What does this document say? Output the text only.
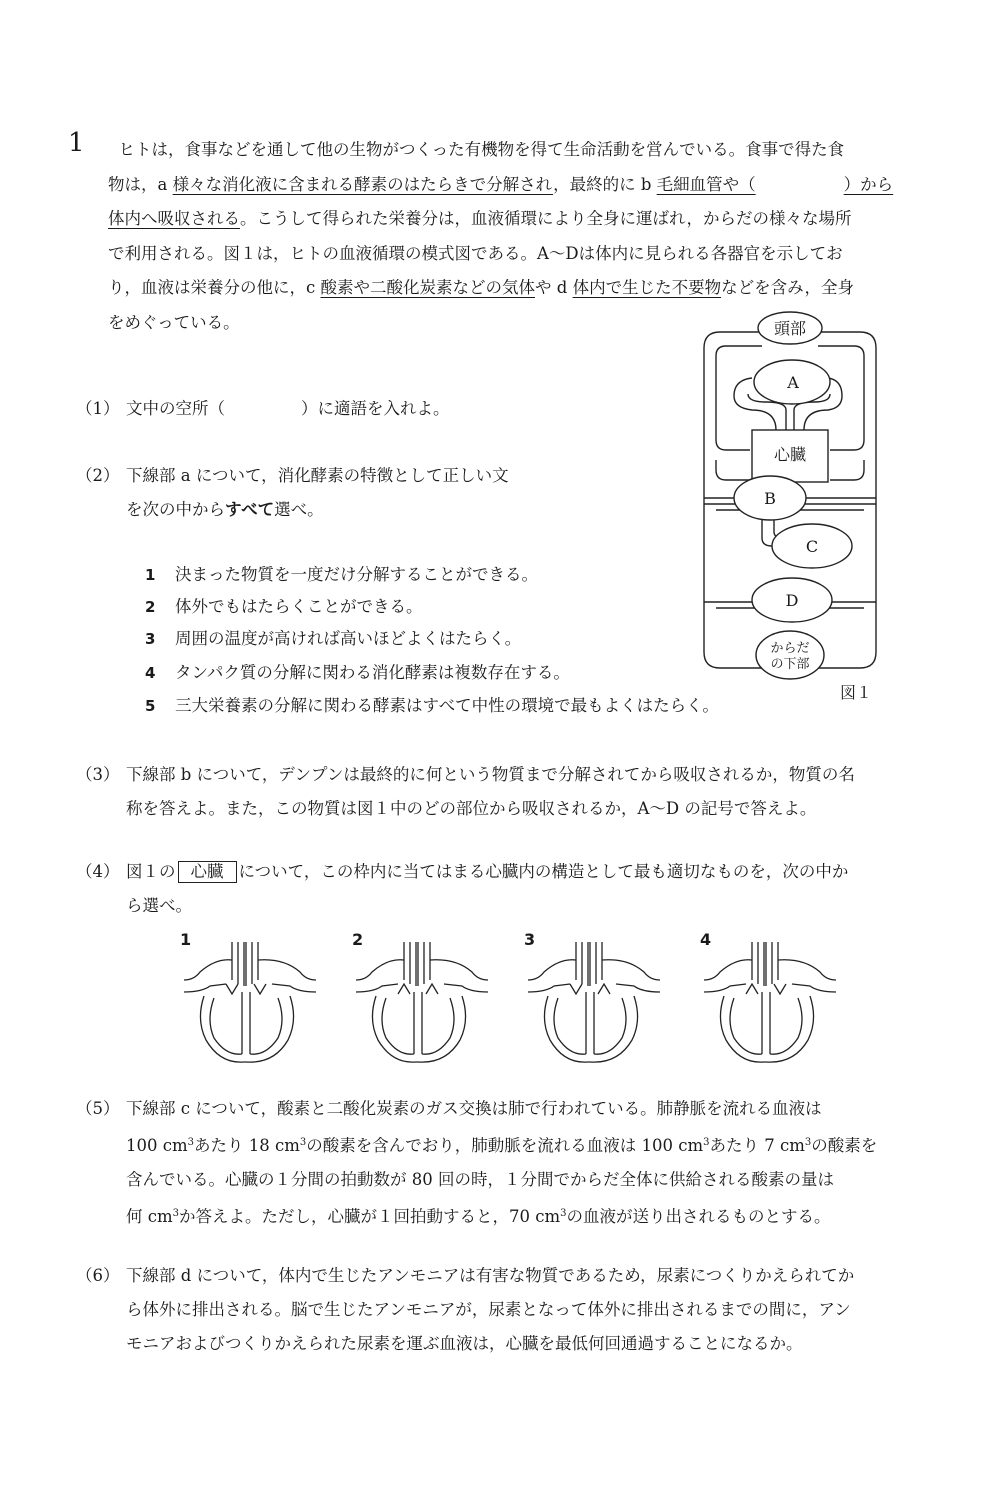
1	ヒトは，食事などを通して他の生物がつくった有機物を得て生命活動を営んでいる。食事で得た食
物は，a 様々な消化液に含まれる酵素のはたらきで分解され，最終的に b 毛細血管や（	）から
体内へ吸収される。こうして得られた栄養分は，血液循環により全身に運ばれ，からだの様々な場所
で利用される。図１は，ヒトの血液循環の模式図である。A〜Dは体内に見られる各器官を示してお
り，血液は栄養分の他に，c 酸素や二酸化炭素などの気体や d 体内で生じた不要物などを含み，全身
をめぐっている。	頭部
A
心臓
B
C
D
からだ
の下部
図１
（1） 文中の空所（	）に適語を入れよ。
（2） 下線部 a について，消化酵素の特徴として正しい文
を次の中からすべて選べ。
1 決まった物質を一度だけ分解することができる。
2 体外でもはたらくことができる。
3 周囲の温度が高ければ高いほどよくはたらく。
4 タンパク質の分解に関わる消化酵素は複数存在する。
5 三大栄養素の分解に関わる酵素はすべて中性の環境で最もよくはたらく。
（3） 下線部 b について，デンプンは最終的に何という物質まで分解されてから吸収されるか，物質の名
称を答えよ。また，この物質は図１中のどの部位から吸収されるか，A〜D の記号で答えよ。
（4） 図１の 心臓 について，この枠内に当てはまる心臓内の構造として最も適切なものを，次の中か
ら選べ。
1	2	3	4
（5） 下線部 c について，酸素と二酸化炭素のガス交換は肺で行われている。肺静脈を流れる血液は
100 $cm^3$あたり 18 $cm^3$の酸素を含んでおり，肺動脈を流れる血液は 100 $cm^3$あたり 7 $cm^3$の酸素を
含んでいる。心臓の１分間の拍動数が 80 回の時，１分間でからだ全体に供給される酸素の量は
何 $cm^3$か答えよ。ただし，心臓が１回拍動すると，70 $cm^3$の血液が送り出されるものとする。
（6） 下線部 d について，体内で生じたアンモニアは有害な物質であるため，尿素につくりかえられてか
ら体外に排出される。脳で生じたアンモニアが，尿素となって体外に排出されるまでの間に，アン
モニアおよびつくりかえられた尿素を運ぶ血液は，心臓を最低何回通過することになるか。
